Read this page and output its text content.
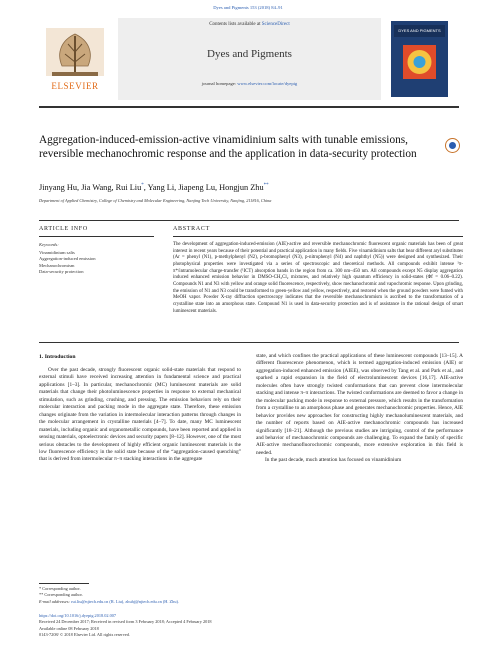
Dyes and Pigments 153 (2018) 84–91
ELSEVIER
Contents lists available at ScienceDirect
Dyes and Pigments
journal homepage: www.elsevier.com/locate/dyepig
DYES AND PIGMENTS
Aggregation-induced-emission-active vinamidinium salts with tunable emissions, reversible mechanochromic response and the application in data-security protection
Jinyang Hu, Jia Wang, Rui Liu*, Yang Li, Jiapeng Lu, Hongjun Zhu**
Department of Applied Chemistry, College of Chemistry and Molecular Engineering, Nanjing Tech University, Nanjing, 211816, China
ARTICLE INFO	ABSTRACT
Keywords:
Vinamidinium salts
Aggregation-induced emission
Mechanochromism
Data-security protection
The development of aggregation-induced-emission (AIE)-active and reversible mechanochromic fluorescent organic materials has been of great interest in recent years because of their potential and practical application in many fields. Five vinamidinium salts that bear different aryl substitutes (Ar = phenyl (N1), p-methylphenyl (N2), p-bromophenyl (N3), p-nitrophenyl (N4) and naphthyl (N5)) were designed and synthesized. Their photophysical properties were investigated via a series of spectroscopic and theoretical methods. All compounds exhibit intense ¹π-π*/intramolecular charge-transfer (¹ICT) absorption bands in the region from ca. 300 nm–450 nm. All compounds except N5 display aggregation induced enhanced emission behavior in DMSO-CH₂Cl₂ mixtures, and relatively high quantum efficiency in solid-states (Φf = 0.06–0.22). Compounds N1 and N3 with yellow and orange solid fluorescence, respectively, show mechanochromic and vapochromic response. Upon grinding, the emission of N1 and N3 could be transformed to green-yellow and yellow, respectively, and restored when the ground powders were fumed with MeOH vapor. Powder X-ray diffraction spectroscopy indicates that the reversible mechanochromism is ascribed to the transformation of a crystalline state into an amorphous state. Compound N1 is used in data-security protection and is of assistance in the rational design of smart luminescent materials.
1. Introduction

Over the past decade, strongly fluorescent organic solid-state materials that respond to external stimuli have received increasing attention in fundamental science and practical applications [1–3]. In particular, mechanochromic (MC) luminescent materials are solid materials that change their photoluminescence properties in response to external mechanical stimulation, such as grinding, crushing, and pressing. The emission behaviors rely on their molecular interaction and packing mode in the aggregate state. Therefore, these emission changes originate from the variation in intermolecular interaction patterns through changes in the molecular arrangement in crystalline materials [4–7]. To date, many MC luminescent materials, including organic and organometallic compounds, have been reported and applied in sensing materials, optoelectronic devices and security papers [8–12]. However, one of the most serious obstacles to the development of highly efficient organic luminescent materials is the low fluorescence efficiency in the solid state because of the “aggregation-caused quenching” that is derived from intermolecular π–π stacking interactions in the aggregate

state, and which confines the practical applications of these luminescent compounds [13–15]. A different fluorescence phenomenon, which is termed aggregation-induced emission (AIE) or aggregation-induced enhanced emission (AIEE), was observed by Tang et al. and Park et al., and sparked a rapid expansion in the field of electroluminescent devices [16,17]. AIE-active molecules often have strongly twisted conformations that can prevent close intermolecular stacking and intense π–π interactions. The twisted conformations are deemed to favor a change in the molecular packing mode in response to external pressure, which results in the transformation from a crystalline to an amorphous phase and generates mechanochromic properties. Hence, AIE behavior provides new approaches for constructing highly mechanoluminescent materials, and the number of reports based on AIE-active mechanochromic compounds has increased significantly [18–21]. Although the previous studies are intriguing, control of the performance and behavior of mechanochromic compounds are challenging. To expand the family of specific AIE-active mechanofluorochromic compounds, more extensive exploration in this field is needed.

In the past decade, much attention has focused on vinamidinium

* Corresponding author.
** Corresponding author.
E-mail addresses: rui.liu@njtech.edu.cn (R. Liu), zhuhj@njtech.edu.cn (H. Zhu).
https://doi.org/10.1016/j.dyepig.2018.02.007
Received 24 December 2017; Received in revised form 3 February 2018; Accepted 4 February 2018
Available online 08 February 2018
0143-7208/ © 2018 Elsevier Ltd. All rights reserved.
